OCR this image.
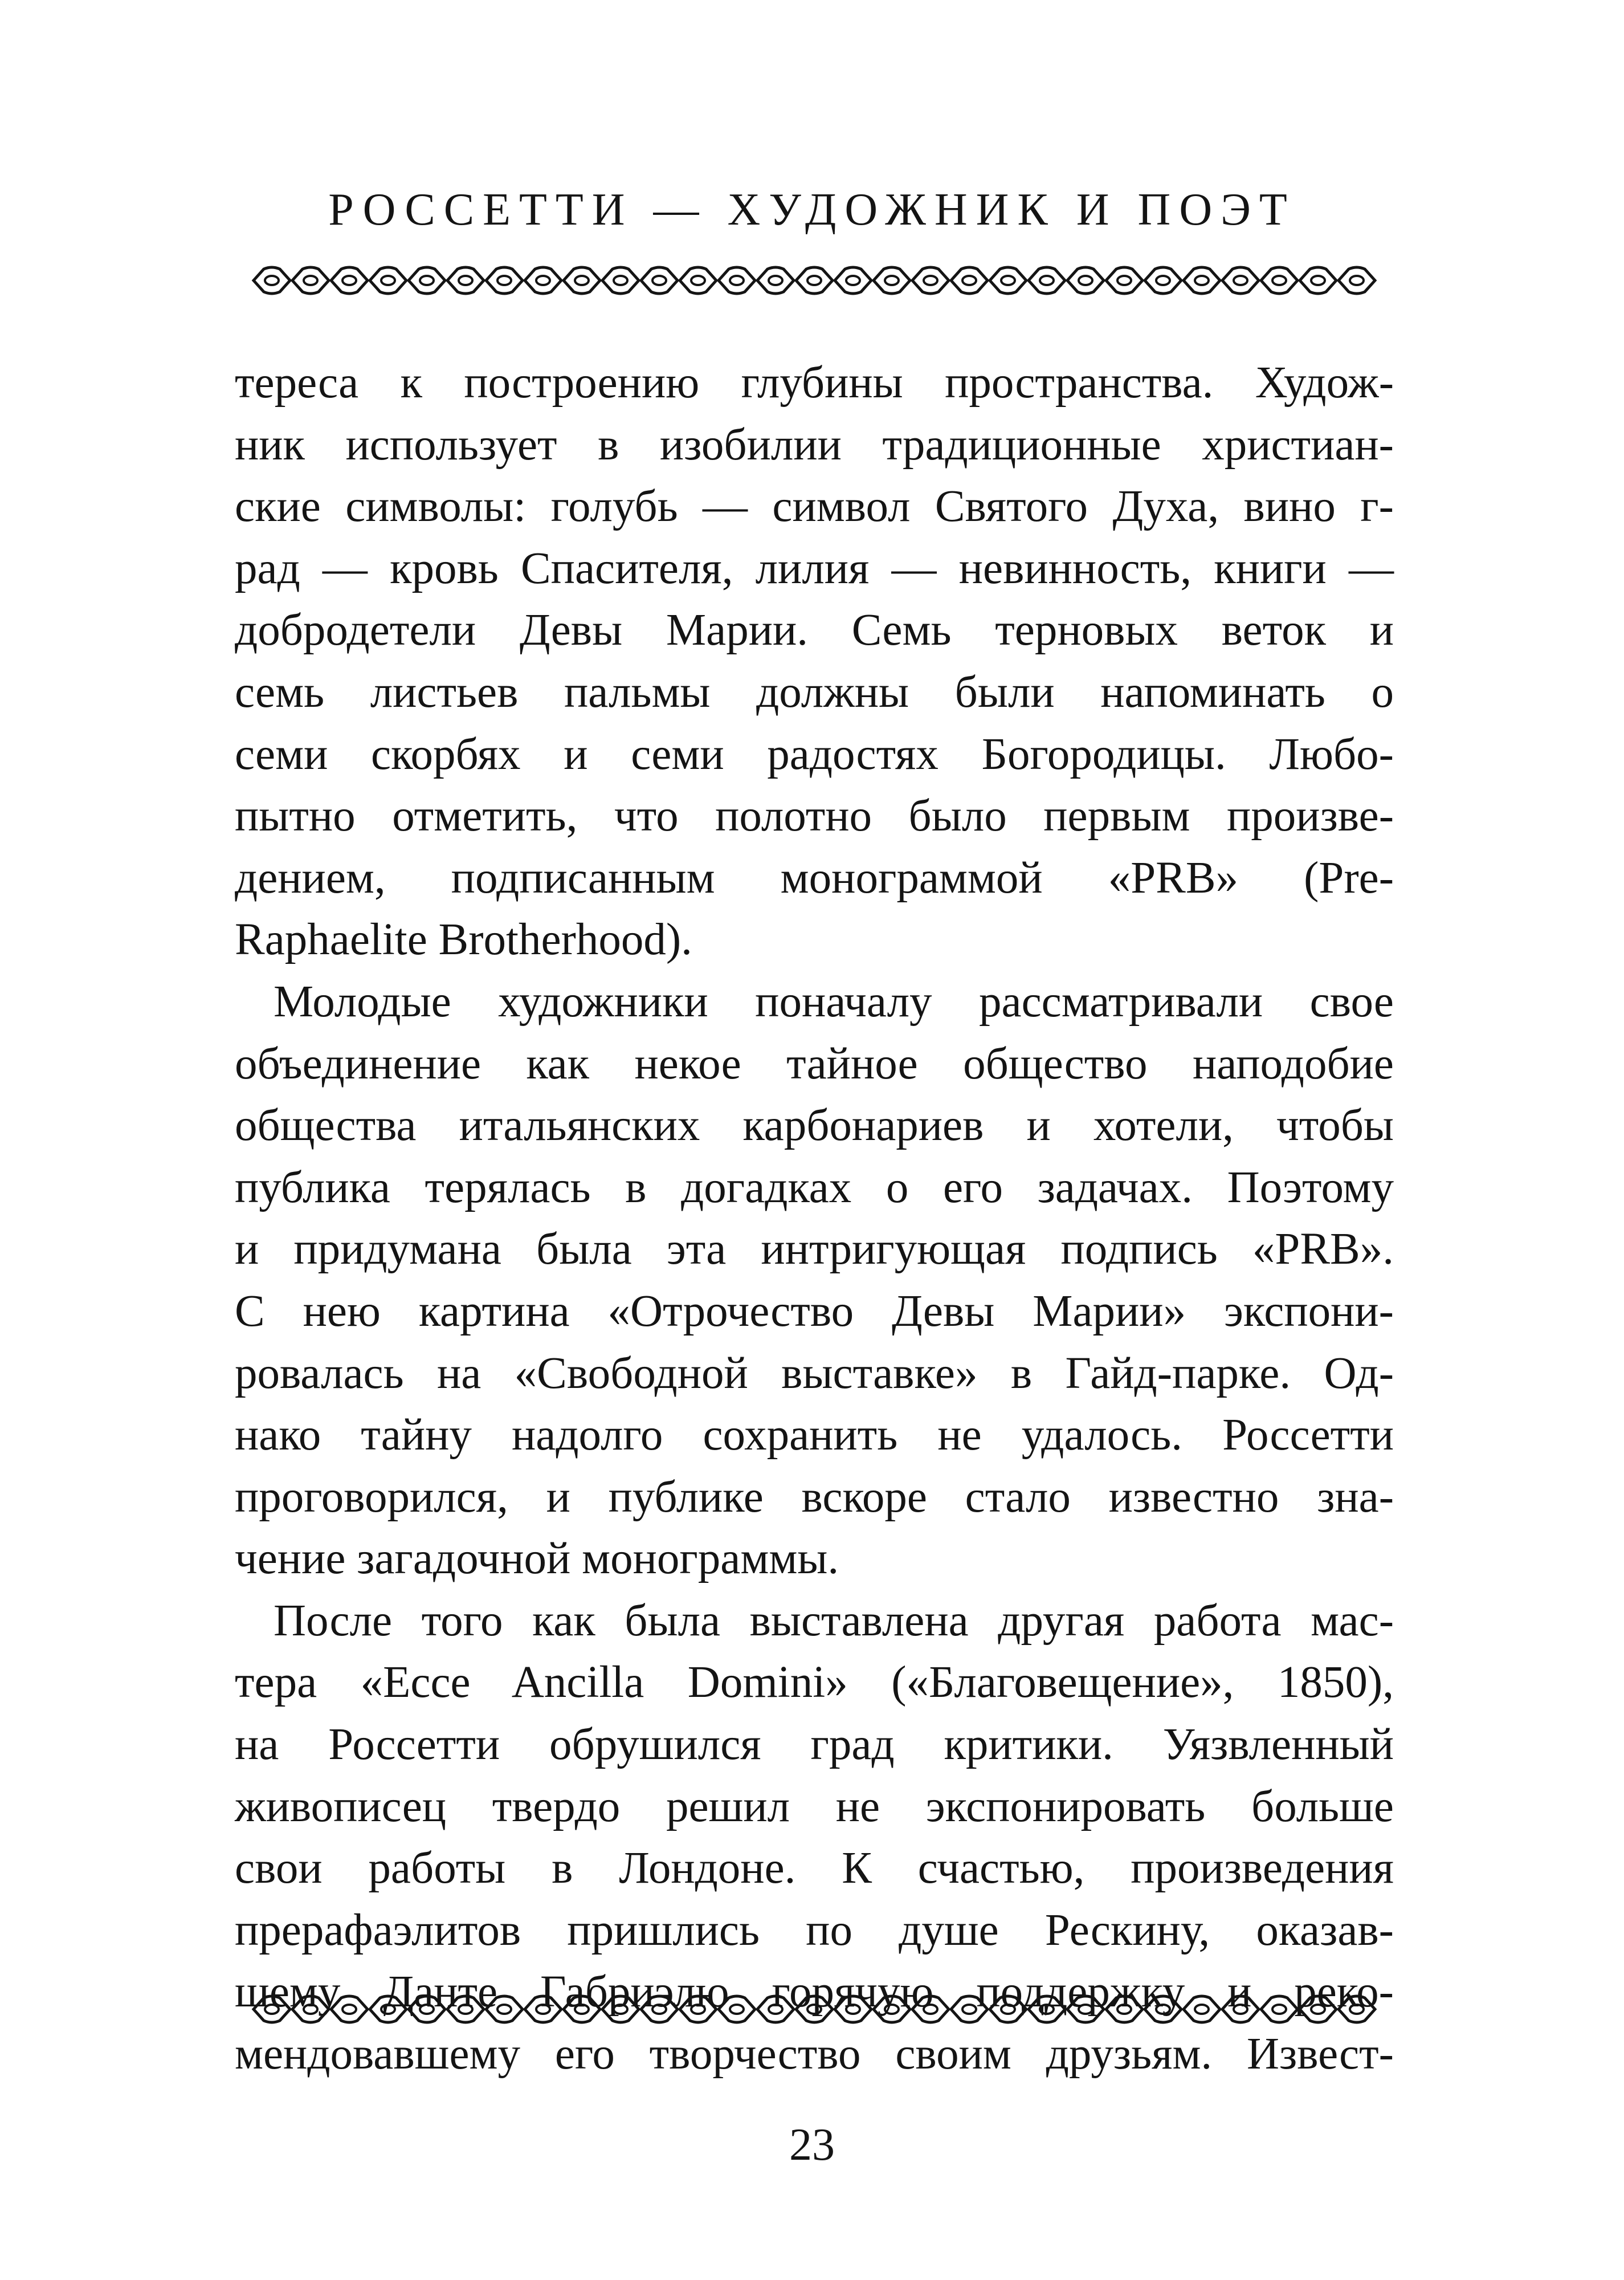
РОССЕТТИ — ХУДОЖНИК И ПОЭТ
тереса к построению глубины пространства. Худож-
ник использует в изобилии традиционные христиан-
ские символы: голубь — символ Святого Духа, вино г-
рад — кровь Спасителя, лилия — невинность, книги —
добродетели Девы Марии. Семь терновых веток и
семь листьев пальмы должны были напоминать о
семи скорбях и семи радостях Богородицы. Любо-
пытно отметить, что полотно было первым произве-
дением, подписанным монограммой «PRB» (Pre-
Raphaelite Brotherhood).
Молодые художники поначалу рассматривали свое
объединение как некое тайное общество наподобие
общества итальянских карбонариев и хотели, чтобы
публика терялась в догадках о его задачах. Поэтому
и придумана была эта интригующая подпись «PRB».
С нею картина «Отрочество Девы Марии» экспони-
ровалась на «Свободной выставке» в Гайд-парке. Од-
нако тайну надолго сохранить не удалось. Россетти
проговорился, и публике вскоре стало известно зна-
чение загадочной монограммы.
После того как была выставлена другая работа мас-
тера «Ecce Ancilla Domini» («Благовещение», 1850),
на Россетти обрушился град критики. Уязвленный
живописец твердо решил не экспонировать больше
свои работы в Лондоне. К счастью, произведения
прерафаэлитов пришлись по душе Рескину, оказав-
шему Данте Габриэлю горячую поддержку и реко-
мендовавшему его творчество своим друзьям. Извест-
23
